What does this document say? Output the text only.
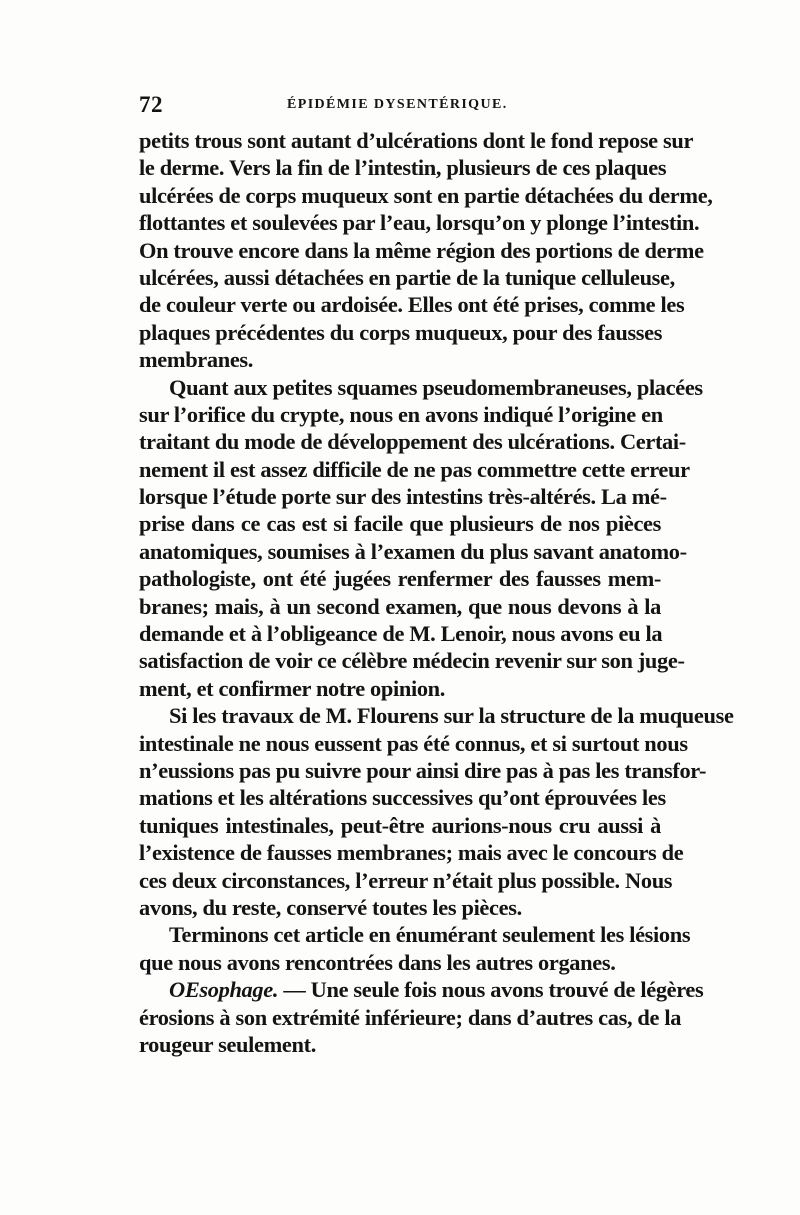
72	ÉPIDÉMIE DYSENTÉRIQUE.
petits trous sont autant d’ulcérations dont le fond repose sur
le derme. Vers la fin de l’intestin, plusieurs de ces plaques
ulcérées de corps muqueux sont en partie détachées du derme,
flottantes et soulevées par l’eau, lorsqu’on y plonge l’intestin.
On trouve encore dans la même région des portions de derme
ulcérées, aussi détachées en partie de la tunique celluleuse,
de couleur verte ou ardoisée. Elles ont été prises, comme les
plaques précédentes du corps muqueux, pour des fausses
membranes.
Quant aux petites squames pseudomembraneuses, placées
sur l’orifice du crypte, nous en avons indiqué l’origine en
traitant du mode de développement des ulcérations. Certai-
nement il est assez difficile de ne pas commettre cette erreur
lorsque l’étude porte sur des intestins très-altérés. La mé-
prise dans ce cas est si facile que plusieurs de nos pièces
anatomiques, soumises à l’examen du plus savant anatomo-
pathologiste, ont été jugées renfermer des fausses mem-
branes; mais, à un second examen, que nous devons à la
demande et à l’obligeance de M. Lenoir, nous avons eu la
satisfaction de voir ce célèbre médecin revenir sur son juge-
ment, et confirmer notre opinion.
Si les travaux de M. Flourens sur la structure de la muqueuse
intestinale ne nous eussent pas été connus, et si surtout nous
n’eussions pas pu suivre pour ainsi dire pas à pas les transfor-
mations et les altérations successives qu’ont éprouvées les
tuniques intestinales, peut-être aurions-nous cru aussi à
l’existence de fausses membranes; mais avec le concours de
ces deux circonstances, l’erreur n’était plus possible. Nous
avons, du reste, conservé toutes les pièces.
Terminons cet article en énumérant seulement les lésions
que nous avons rencontrées dans les autres organes.
OEsophage. — Une seule fois nous avons trouvé de légères
érosions à son extrémité inférieure; dans d’autres cas, de la
rougeur seulement.
